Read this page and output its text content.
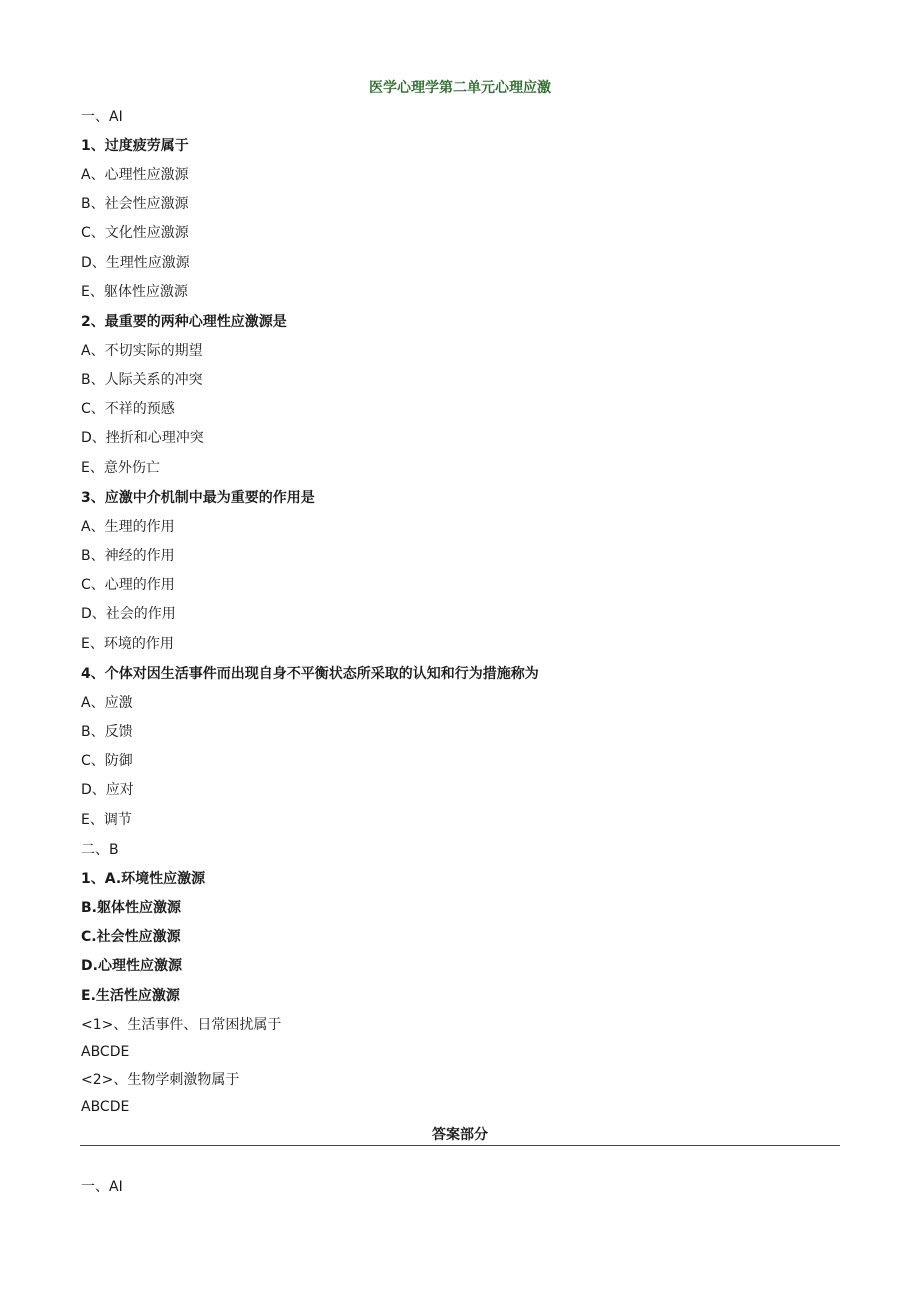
医学心理学第二单元心理应激
一、AI
1、过度疲劳属于
A、心理性应激源
B、社会性应激源
C、文化性应激源
D、生理性应激源
E、躯体性应激源
2、最重要的两种心理性应激源是
A、不切实际的期望
B、人际关系的冲突
C、不祥的预感
D、挫折和心理冲突
E、意外伤亡
3、应激中介机制中最为重要的作用是
A、生理的作用
B、神经的作用
C、心理的作用
D、社会的作用
E、环境的作用
4、个体对因生活事件而出现自身不平衡状态所采取的认知和行为措施称为
A、应激
B、反馈
C、防御
D、应对
E、调节
二、B
1、A.环境性应激源
B.躯体性应激源
C.社会性应激源
D.心理性应激源
E.生活性应激源
<1>、生活事件、日常困扰属于
ABCDE
<2>、生物学刺激物属于
ABCDE
答案部分
一、AI
